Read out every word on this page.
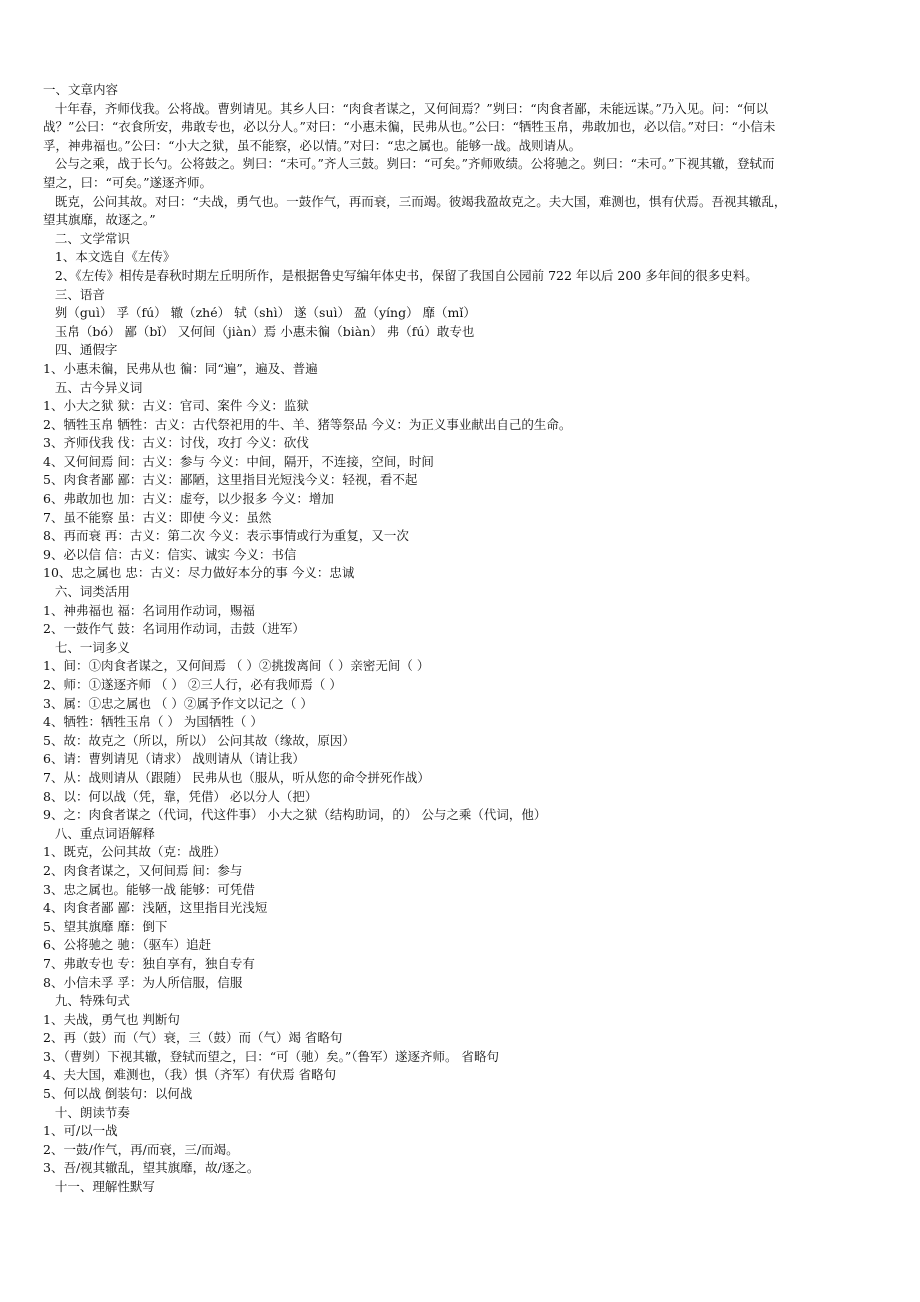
一、文章内容
十年春，齐师伐我。公将战。曹刿请见。其乡人曰：“肉食者谋之，又何间焉？”刿曰：“肉食者鄙，未能远谋。”乃入见。问：“何以
战？”公曰：“衣食所安，弗敢专也，必以分人。”对曰：“小惠未徧，民弗从也。”公曰：“牺牲玉帛，弗敢加也，必以信。”对曰：“小信未
孚，神弗福也。”公曰：“小大之狱，虽不能察，必以情。”对曰：“忠之属也。能够一战。战则请从。
公与之乘，战于长勺。公将鼓之。刿曰：“未可。”齐人三鼓。刿曰：“可矣。”齐师败绩。公将驰之。刿曰：“未可。”下视其辙，登轼而
望之，曰：“可矣。”遂逐齐师。
既克，公问其故。对曰：“夫战，勇气也。一鼓作气，再而衰，三而竭。彼竭我盈故克之。夫大国，难测也，惧有伏焉。吾视其辙乱，
望其旗靡，故逐之。”
二、文学常识
1、本文选自《左传》
2、《左传》相传是春秋时期左丘明所作，是根据鲁史写编年体史书，保留了我国自公园前 722 年以后 200 多年间的很多史料。
三、语音
刿（guì） 孚（fú） 辙（zhé） 轼（shì） 遂（suì） 盈（yíng） 靡（mǐ）
玉帛（bó） 鄙（bǐ） 又何间（jiàn）焉 小惠未徧（biàn） 弗（fú）敢专也
四、通假字
1、小惠未徧，民弗从也 徧：同“遍”，遍及、普遍
五、古今异义词
1、小大之狱 狱：古义：官司、案件 今义：监狱
2、牺牲玉帛 牺牲：古义：古代祭祀用的牛、羊、猪等祭品 今义：为正义事业献出自己的生命。
3、齐师伐我 伐：古义：讨伐，攻打 今义：砍伐
4、又何间焉 间：古义：参与 今义：中间，隔开，不连接，空间，时间
5、肉食者鄙 鄙：古义：鄙陋，这里指目光短浅今义：轻视，看不起
6、弗敢加也 加：古义：虚夸，以少报多 今义：增加
7、虽不能察 虽：古义：即使 今义：虽然
8、再而衰 再：古义：第二次 今义：表示事情或行为重复，又一次
9、必以信 信：古义：信实、诚实 今义：书信
10、忠之属也 忠：古义：尽力做好本分的事 今义：忠诚
六、词类活用
1、神弗福也 福：名词用作动词，赐福
2、一鼓作气 鼓：名词用作动词，击鼓（进军）
七、一词多义
1、间：①肉食者谋之，又何间焉 （ ）②挑拨离间（ ）亲密无间（ ）
2、师：①遂逐齐师 （ ） ②三人行，必有我师焉（ ）
3、属：①忠之属也 （ ）②属予作文以记之（ ）
4、牺牲：牺牲玉帛（ ） 为国牺牲（ ）
5、故：故克之（所以，所以） 公问其故（缘故，原因）
6、请：曹刿请见（请求） 战则请从（请让我）
7、从：战则请从（跟随） 民弗从也（服从，听从您的命令拼死作战）
8、以：何以战（凭，靠，凭借） 必以分人（把）
9、之：肉食者谋之（代词，代这件事） 小大之狱（结构助词，的） 公与之乘（代词，他）
八、重点词语解释
1、既克，公问其故（克：战胜）
2、肉食者谋之，又何间焉 间：参与
3、忠之属也。能够一战 能够：可凭借
4、肉食者鄙 鄙：浅陋，这里指目光浅短
5、望其旗靡 靡：倒下
6、公将驰之 驰：（驱车）追赶
7、弗敢专也 专：独自享有，独自专有
8、小信未孚 孚：为人所信服，信服
九、特殊句式
1、夫战，勇气也 判断句
2、再（鼓）而（气）衰，三（鼓）而（气）竭 省略句
3、（曹刿）下视其辙，登轼而望之，曰：“可（驰）矣。”（鲁军）遂逐齐师。 省略句
4、夫大国，难测也，（我）惧（齐军）有伏焉 省略句
5、何以战 倒装句：以何战
十、朗读节奏
1、可/以一战
2、一鼓/作气，再/而衰，三/而竭。
3、吾/视其辙乱，望其旗靡，故/逐之。
十一、理解性默写
